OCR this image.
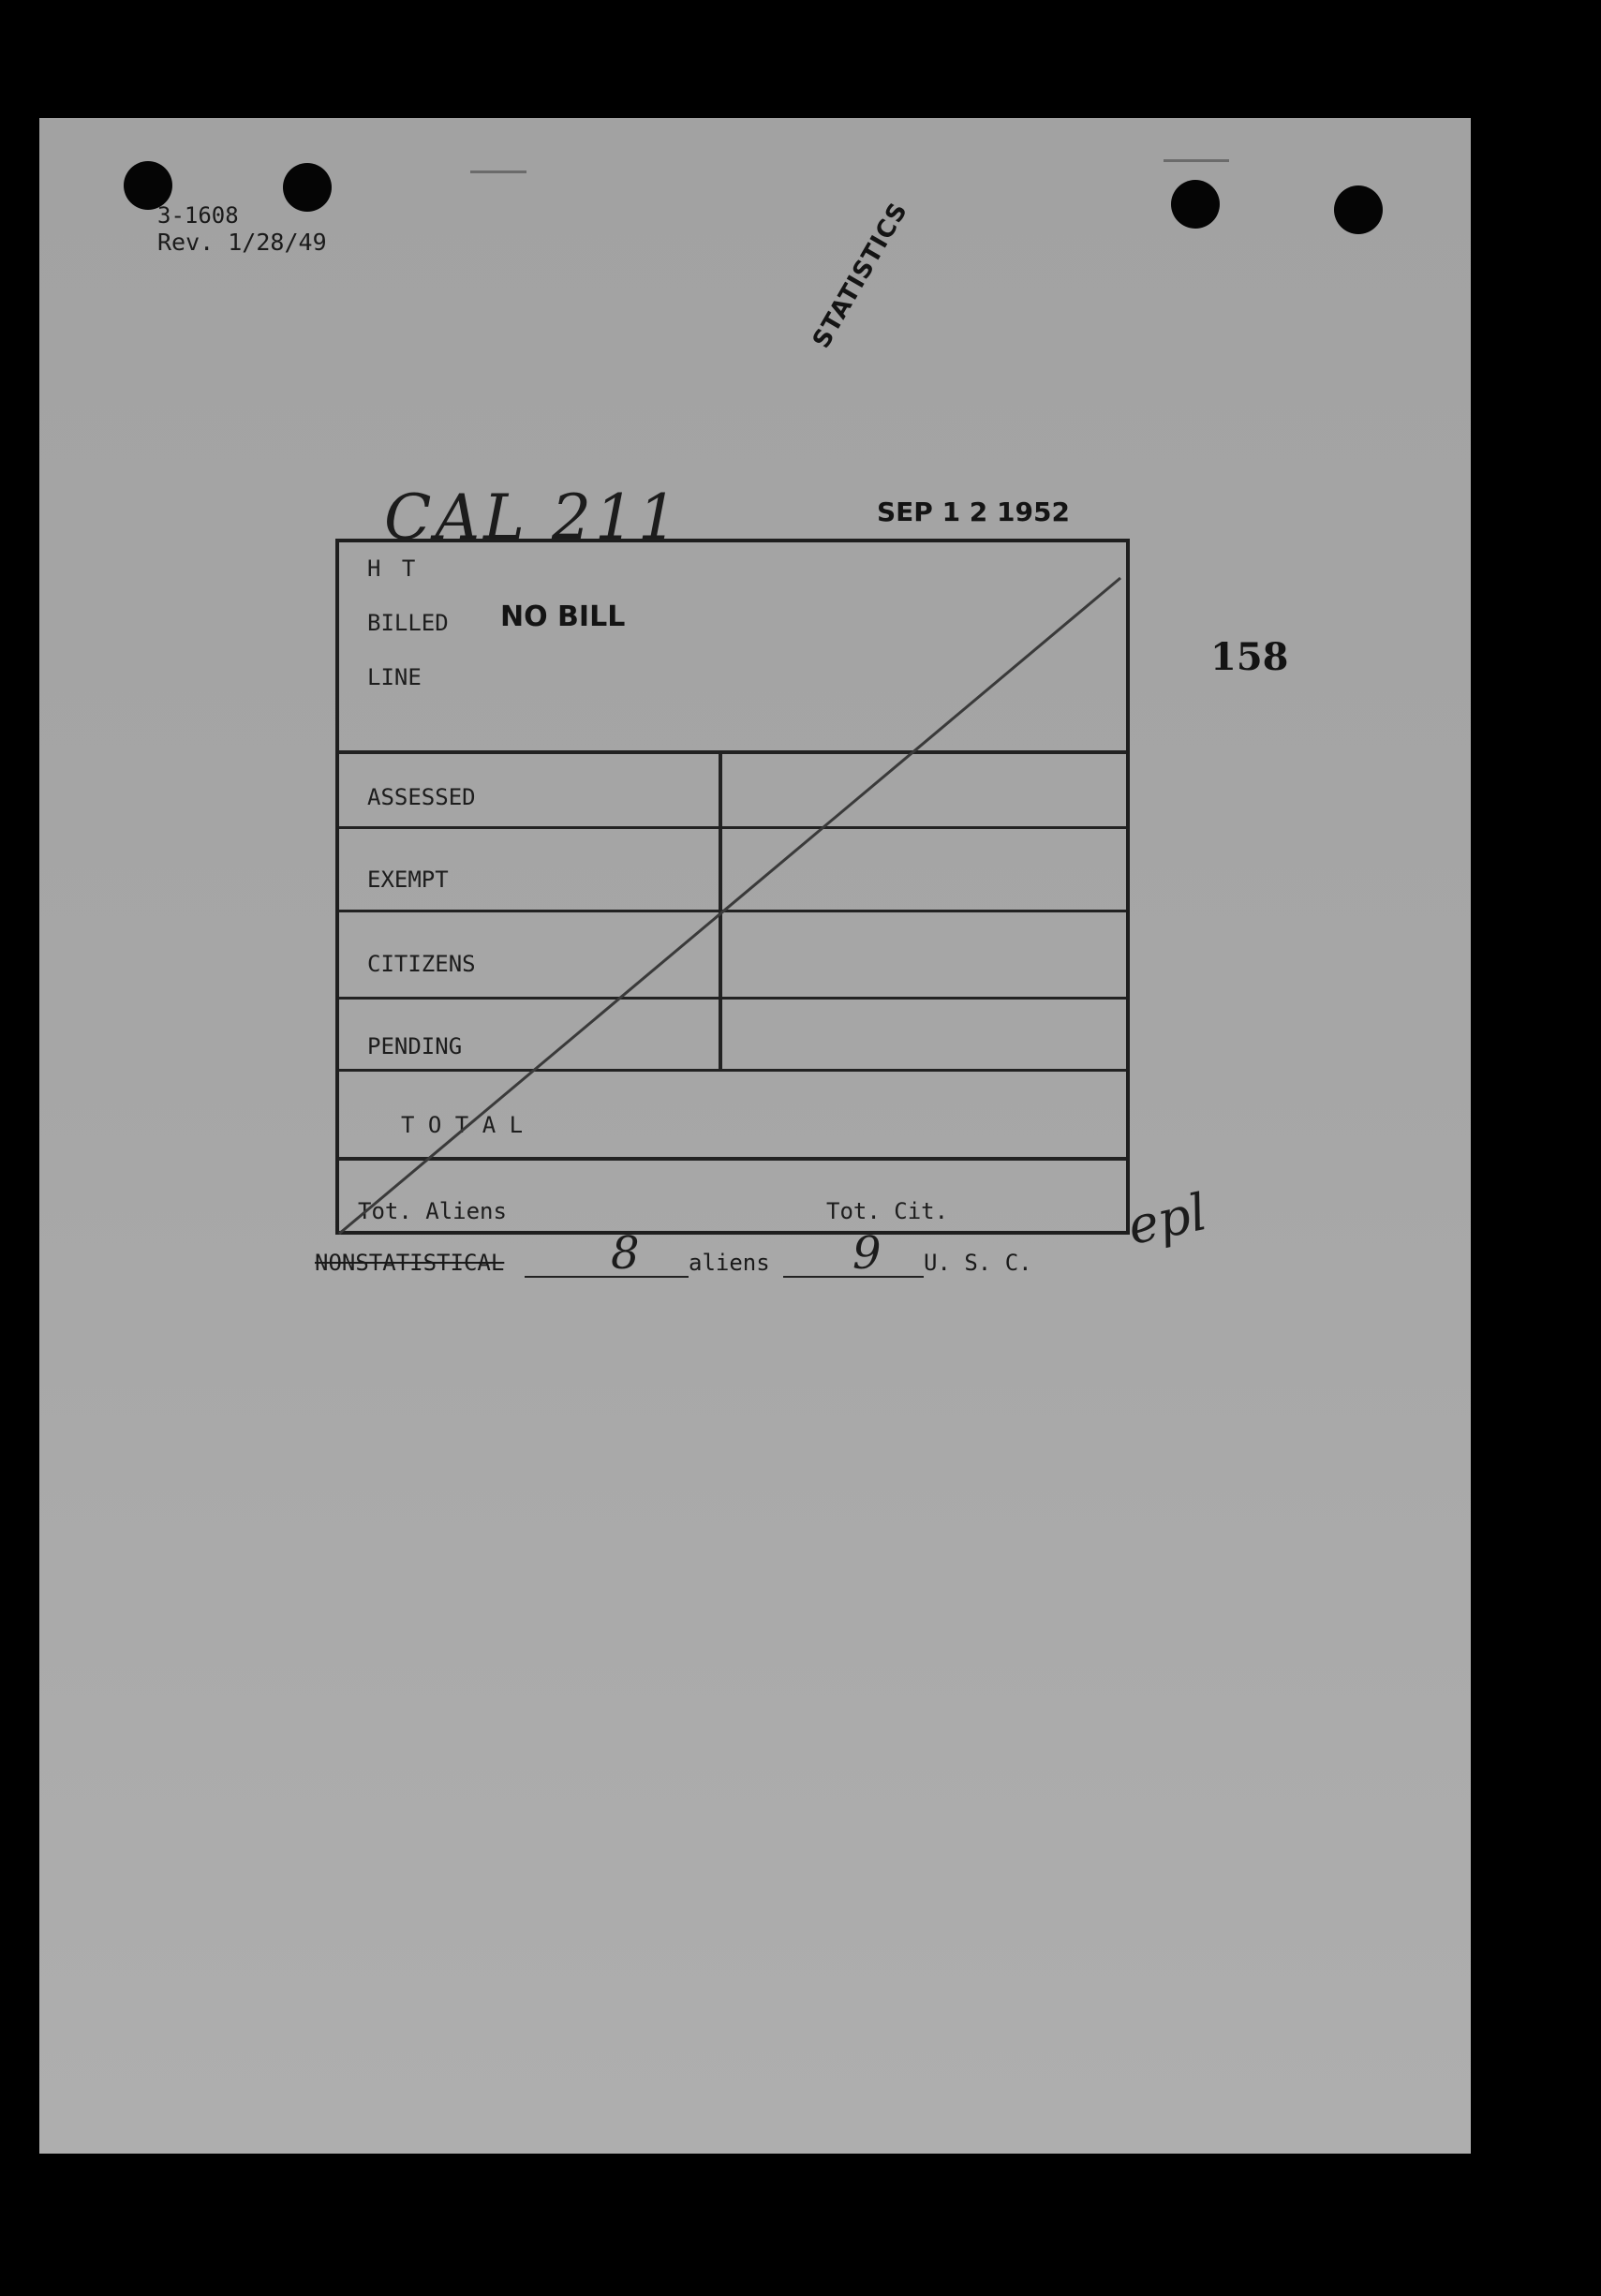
3-1608
Rev. 1/28/49	STATISTICS
CAL 211	SEP 1 2 1952
158
H T
BILLED NO BILL
LINE
ASSESSED
EXEMPT
CITIZENS
PENDING
T O T A L
Tot. Aliens	Tot. Cit.
NONSTATISTICAL 8 aliens 9 U. S. C.
epl
